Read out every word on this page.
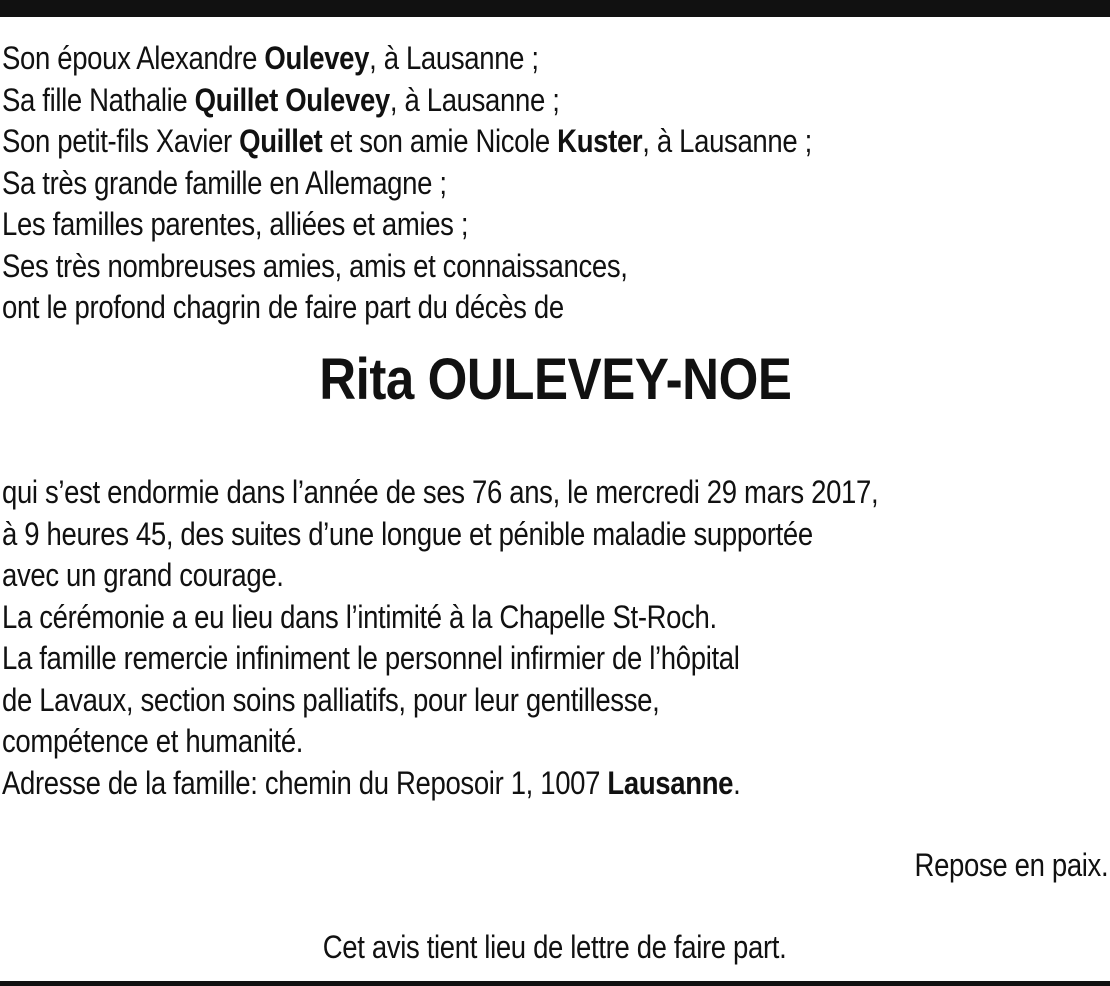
Son époux Alexandre Oulevey, à Lausanne ;
Sa fille Nathalie Quillet Oulevey, à Lausanne ;
Son petit-fils Xavier Quillet et son amie Nicole Kuster, à Lausanne ;
Sa très grande famille en Allemagne ;
Les familles parentes, alliées et amies ;
Ses très nombreuses amies, amis et connaissances,
ont le profond chagrin de faire part du décès de
Rita OULEVEY-NOE
qui s’est endormie dans l’année de ses 76 ans, le mercredi 29 mars 2017,
à 9 heures 45, des suites d’une longue et pénible maladie supportée
avec un grand courage.
La cérémonie a eu lieu dans l’intimité à la Chapelle St-Roch.
La famille remercie infiniment le personnel infirmier de l’hôpital
de Lavaux, section soins palliatifs, pour leur gentillesse,
compétence et humanité.
Adresse de la famille: chemin du Reposoir 1, 1007 Lausanne.
Repose en paix.
Cet avis tient lieu de lettre de faire part.
